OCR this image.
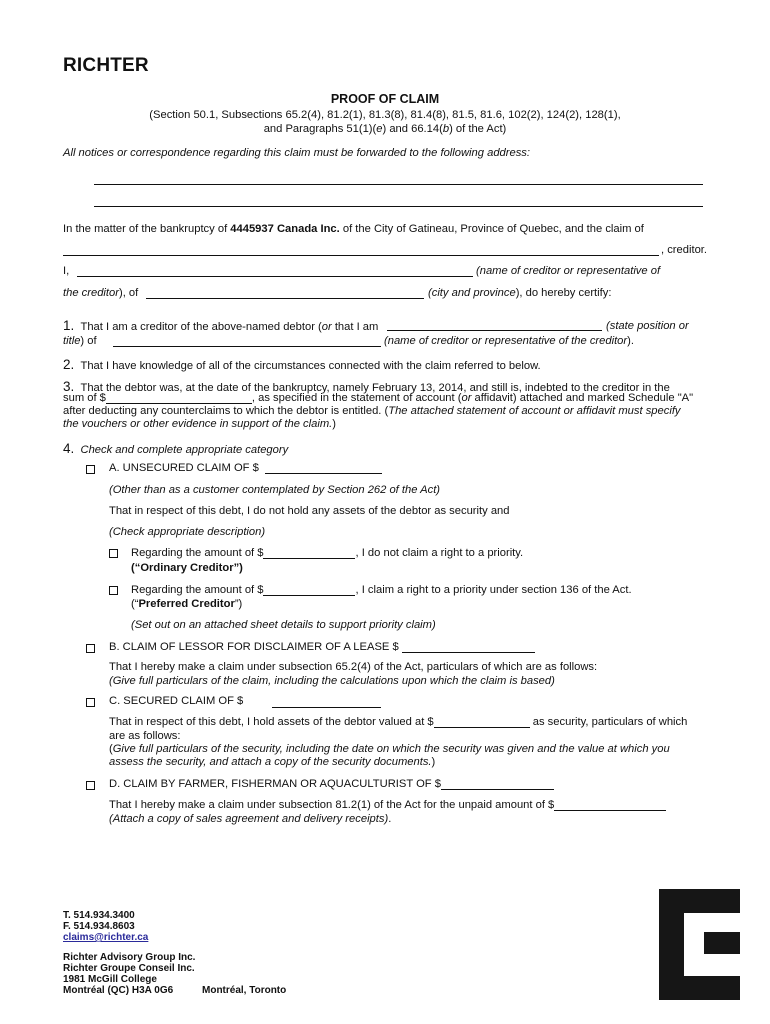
RICHTER
PROOF OF CLAIM
(Section 50.1, Subsections 65.2(4), 81.2(1), 81.3(8), 81.4(8), 81.5, 81.6, 102(2), 124(2), 128(1),
and Paragraphs 51(1)(e) and 66.14(b) of the Act)
All notices or correspondence regarding this claim must be forwarded to the following address:
In the matter of the bankruptcy of 4445937 Canada Inc. of the City of Gatineau, Province of Quebec, and the claim of
, creditor.
I,	(name of creditor or representative of
the creditor), of	(city and province), do hereby certify:
1. That I am a creditor of the above-named debtor (or that I am	(state position or
title) of	(name of creditor or representative of the creditor).
2. That I have knowledge of all of the circumstances connected with the claim referred to below.
3. That the debtor was, at the date of the bankruptcy, namely February 13, 2014, and still is, indebted to the creditor in the
sum of $	, as specified in the statement of account (or affidavit) attached and marked Schedule "A"
after deducting any counterclaims to which the debtor is entitled. (The attached statement of account or affidavit must specify
the vouchers or other evidence in support of the claim.)
4. Check and complete appropriate category
A. UNSECURED CLAIM OF $
(Other than as a customer contemplated by Section 262 of the Act)
That in respect of this debt, I do not hold any assets of the debtor as security and
(Check appropriate description)
Regarding the amount of $	, I do not claim a right to a priority.
(“Ordinary Creditor”)
Regarding the amount of $	, I claim a right to a priority under section 136 of the Act.
(“Preferred Creditor”)
(Set out on an attached sheet details to support priority claim)
B. CLAIM OF LESSOR FOR DISCLAIMER OF A LEASE $
That I hereby make a claim under subsection 65.2(4) of the Act, particulars of which are as follows:
(Give full particulars of the claim, including the calculations upon which the claim is based)
C. SECURED CLAIM OF $
That in respect of this debt, I hold assets of the debtor valued at $	as security, particulars of which
are as follows:
(Give full particulars of the security, including the date on which the security was given and the value at which you
assess the security, and attach a copy of the security documents.)
D. CLAIM BY FARMER, FISHERMAN OR AQUACULTURIST OF $
That I hereby make a claim under subsection 81.2(1) of the Act for the unpaid amount of $
(Attach a copy of sales agreement and delivery receipts).
T. 514.934.3400
F. 514.934.8603
claims@richter.ca
Richter Advisory Group Inc.
Richter Groupe Conseil Inc.
1981 McGill College
Montréal (QC) H3A 0G6	Montréal, Toronto
